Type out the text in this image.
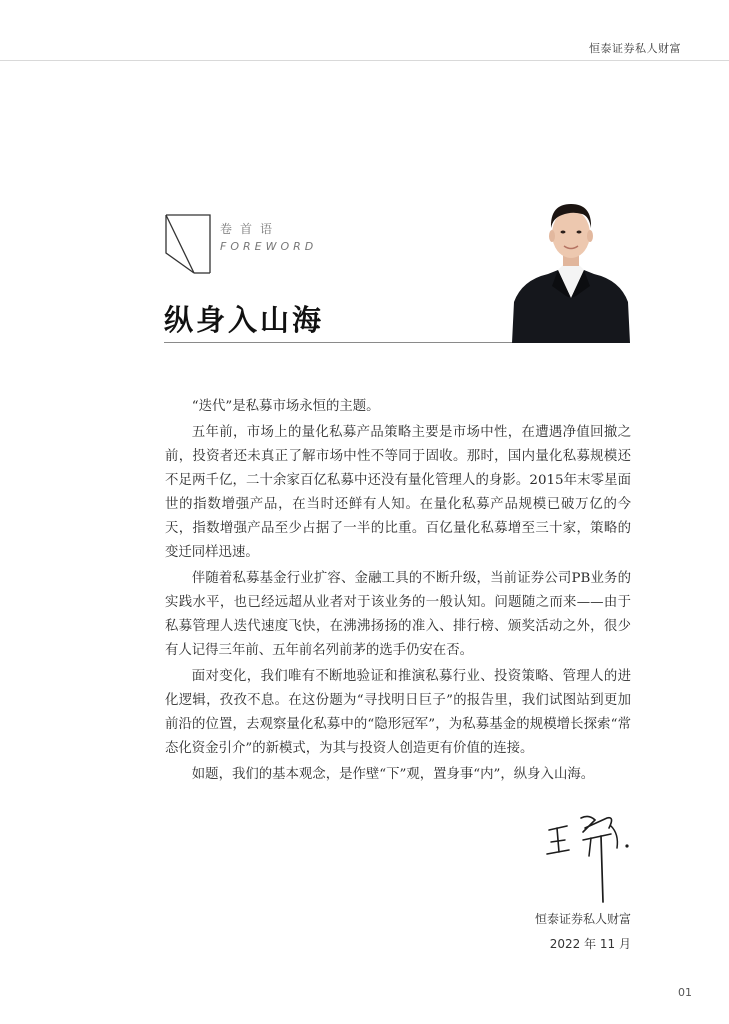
恒泰证券私人财富
卷首语
FOREWORD
纵身入山海

“迭代”是私募市场永恒的主题。

五年前，市场上的量化私募产品策略主要是市场中性，在遭遇净值回撤之前，投资者还未真正了解市场中性不等同于固收。那时，国内量化私募规模还不足两千亿，二十余家百亿私募中还没有量化管理人的身影。2015年末零星面世的指数增强产品，在当时还鲜有人知。在量化私募产品规模已破万亿的今天，指数增强产品至少占据了一半的比重。百亿量化私募增至三十家，策略的变迁同样迅速。

伴随着私募基金行业扩容、金融工具的不断升级，当前证券公司PB业务的实践水平，也已经远超从业者对于该业务的一般认知。问题随之而来——由于私募管理人迭代速度飞快，在沸沸扬扬的准入、排行榜、颁奖活动之外，很少有人记得三年前、五年前名列前茅的选手仍安在否。

面对变化，我们唯有不断地验证和推演私募行业、投资策略、管理人的进化逻辑，孜孜不息。在这份题为“寻找明日巨子”的报告里，我们试图站到更加前沿的位置，去观察量化私募中的“隐形冠军”，为私募基金的规模增长探索“常态化资金引介”的新模式，为其与投资人创造更有价值的连接。

如题，我们的基本观念，是作壁“下”观，置身事“内”，纵身入山海。

恒泰证券私人财富
2022 年 11 月
01
